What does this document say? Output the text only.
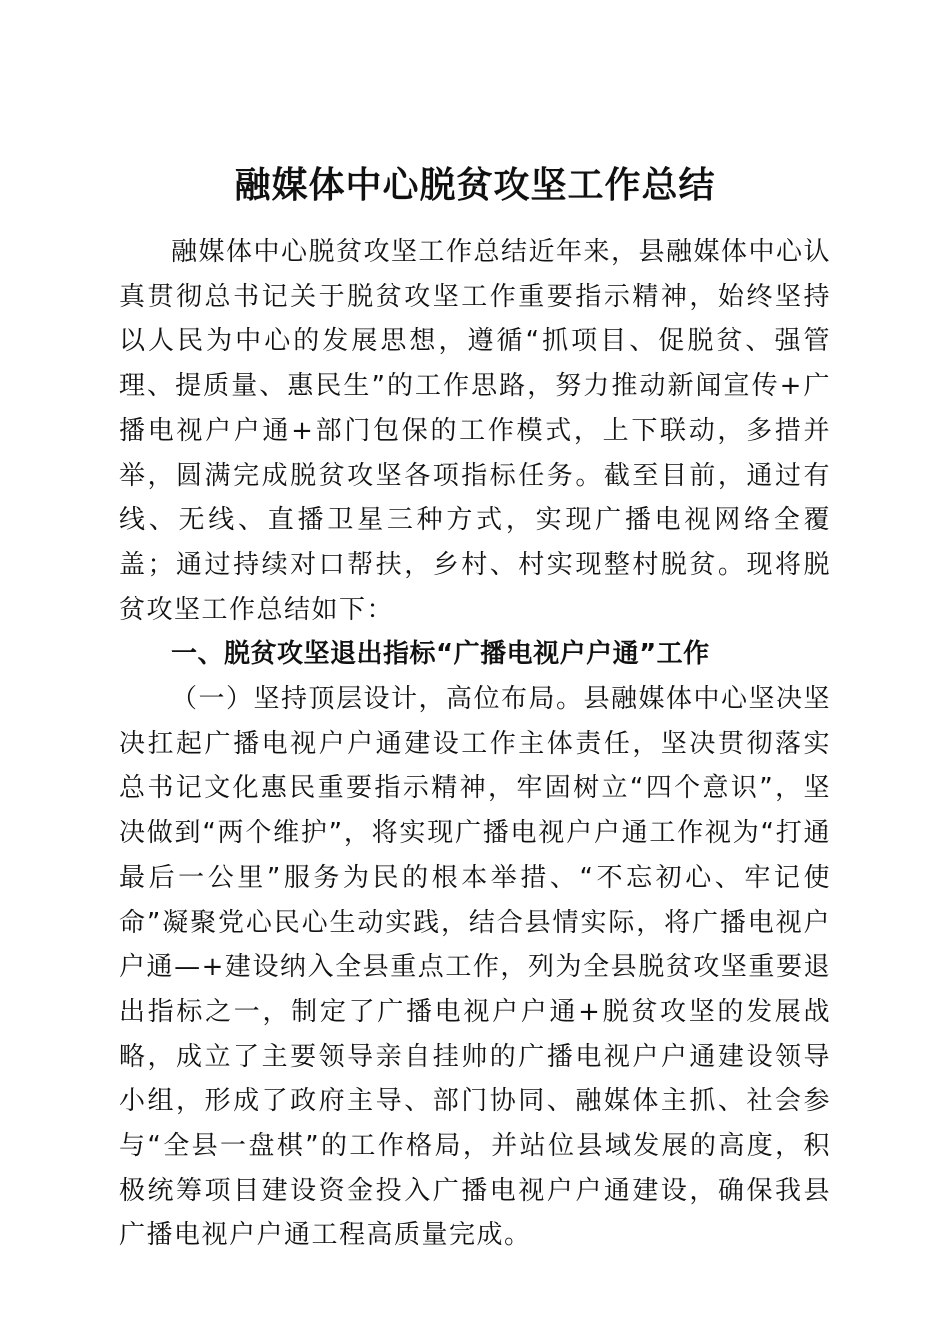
融媒体中心脱贫攻坚工作总结

融媒体中心脱贫攻坚工作总结近年来，县融媒体中心认真贯彻总书记关于脱贫攻坚工作重要指示精神，始终坚持以人民为中心的发展思想，遵循“抓项目、促脱贫、强管理、提质量、惠民生”的工作思路，努力推动新闻宣传+广播电视户户通+部门包保的工作模式，上下联动，多措并举，圆满完成脱贫攻坚各项指标任务。截至目前，通过有线、无线、直播卫星三种方式，实现广播电视网络全覆盖；通过持续对口帮扶，乡村、村实现整村脱贫。现将脱贫攻坚工作总结如下：

一、脱贫攻坚退出指标“广播电视户户通”工作

（一）坚持顶层设计，高位布局。县融媒体中心坚决坚决扛起广播电视户户通建设工作主体责任，坚决贯彻落实总书记文化惠民重要指示精神，牢固树立“四个意识”，坚决做到“两个维护”，将实现广播电视户户通工作视为“打通最后一公里”服务为民的根本举措、“不忘初心、牢记使命”凝聚党心民心生动实践，结合县情实际，将广播电视户户通—+建设纳入全县重点工作，列为全县脱贫攻坚重要退出指标之一，制定了广播电视户户通+脱贫攻坚的发展战略，成立了主要领导亲自挂帅的广播电视户户通建设领导小组，形成了政府主导、部门协同、融媒体主抓、社会参与“全县一盘棋”的工作格局，并站位县域发展的高度，积极统筹项目建设资金投入广播电视户户通建设，确保我县广播电视户户通工程高质量完成。
